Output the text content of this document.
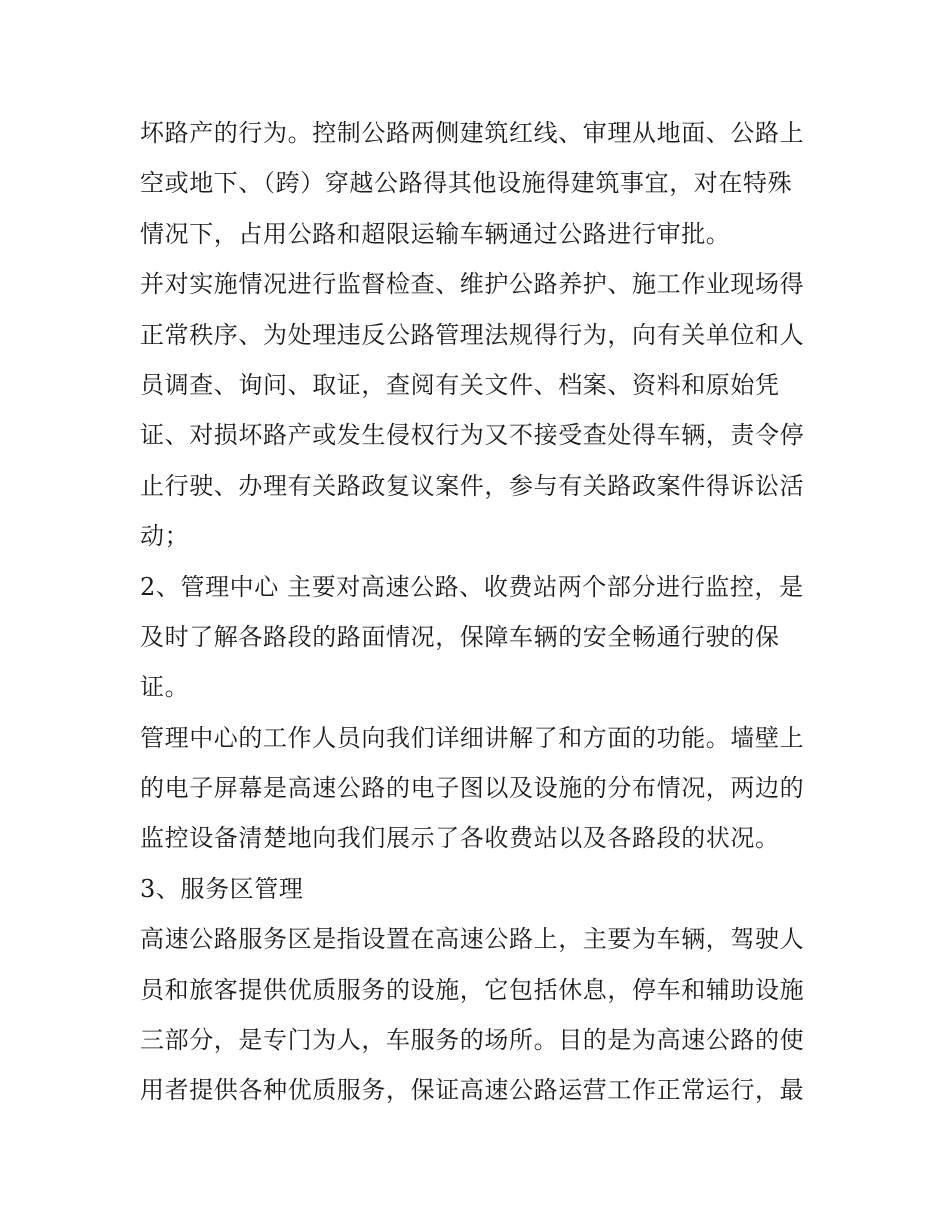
坏路产的行为。控制公路两侧建筑红线、审理从地面、公路上
空或地下、（跨）穿越公路得其他设施得建筑事宜，对在特殊
情况下，占用公路和超限运输车辆通过公路进行审批。
并对实施情况进行监督检查、维护公路养护、施工作业现场得
正常秩序、为处理违反公路管理法规得行为，向有关单位和人
员调查、询问、取证，查阅有关文件、档案、资料和原始凭
证、对损坏路产或发生侵权行为又不接受查处得车辆，责令停
止行驶、办理有关路政复议案件，参与有关路政案件得诉讼活
动；
2、管理中心 主要对高速公路、收费站两个部分进行监控，是
及时了解各路段的路面情况，保障车辆的安全畅通行驶的保
证。
管理中心的工作人员向我们详细讲解了和方面的功能。墙壁上
的电子屏幕是高速公路的电子图以及设施的分布情况，两边的
监控设备清楚地向我们展示了各收费站以及各路段的状况。
3、服务区管理
高速公路服务区是指设置在高速公路上，主要为车辆，驾驶人
员和旅客提供优质服务的设施，它包括休息，停车和辅助设施
三部分，是专门为人，车服务的场所。目的是为高速公路的使
用者提供各种优质服务，保证高速公路运营工作正常运行，最
